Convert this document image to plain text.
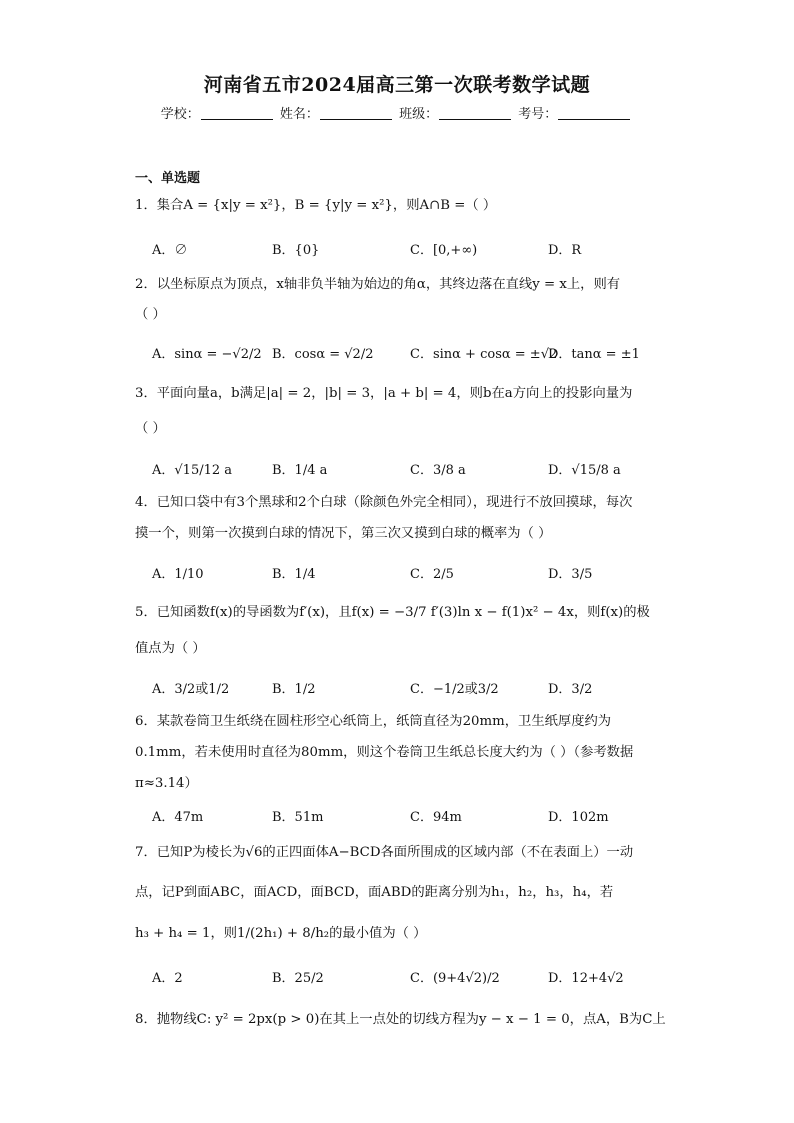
河南省五市2024届高三第一次联考数学试题
学校：	姓名：	班级：	考号：
一、单选题
1．集合A = {x|y = x²}，B = {y|y = x²}，则A∩B =（ ）
A．∅	B．{0}	C．[0,+∞)	D．R
2．以坐标原点为顶点，x轴非负半轴为始边的角α，其终边落在直线y = x上，则有
（ ）
A．sinα = −√2/2 B．cosα = √2/2	C．sinα + cosα = ±√2
D．tanα = ±1
3．平面向量a，b满足|a| = 2，|b| = 3，|a + b| = 4，则b在a方向上的投影向量为
（ ）
A．√15/12 a	B．1/4 a	C．3/8 a	D．√15/8 a
4．已知口袋中有3个黑球和2个白球（除颜色外完全相同），现进行不放回摸球，每次
摸一个，则第一次摸到白球的情况下，第三次又摸到白球的概率为（ ）
A．1/10	B．1/4	C．2/5	D．3/5
5．已知函数f(x)的导函数为f′(x)，且f(x) = −3/7 f′(3)ln x − f(1)x² − 4x，则f(x)的极
值点为（ ）
A．3/2或1/2	B．1/2	C．−1/2或3/2	D．3/2
6．某款卷筒卫生纸绕在圆柱形空心纸筒上，纸筒直径为20mm，卫生纸厚度约为
0.1mm，若未使用时直径为80mm，则这个卷筒卫生纸总长度大约为（ ）（参考数据
π≈3.14）
A．47m	B．51m	C．94m	D．102m
7．已知P为棱长为√6的正四面体A−BCD各面所围成的区域内部（不在表面上）一动
点，记P到面ABC，面ACD，面BCD，面ABD的距离分别为h₁，h₂，h₃，h₄，若
h₃ + h₄ = 1，则1/(2h₁) + 8/h₂的最小值为（ ）
A．2	B．25/2	C．(9+4√2)/2	D．12+4√2
8．抛物线C: y² = 2px(p > 0)在其上一点处的切线方程为y − x − 1 = 0，点A，B为C上
